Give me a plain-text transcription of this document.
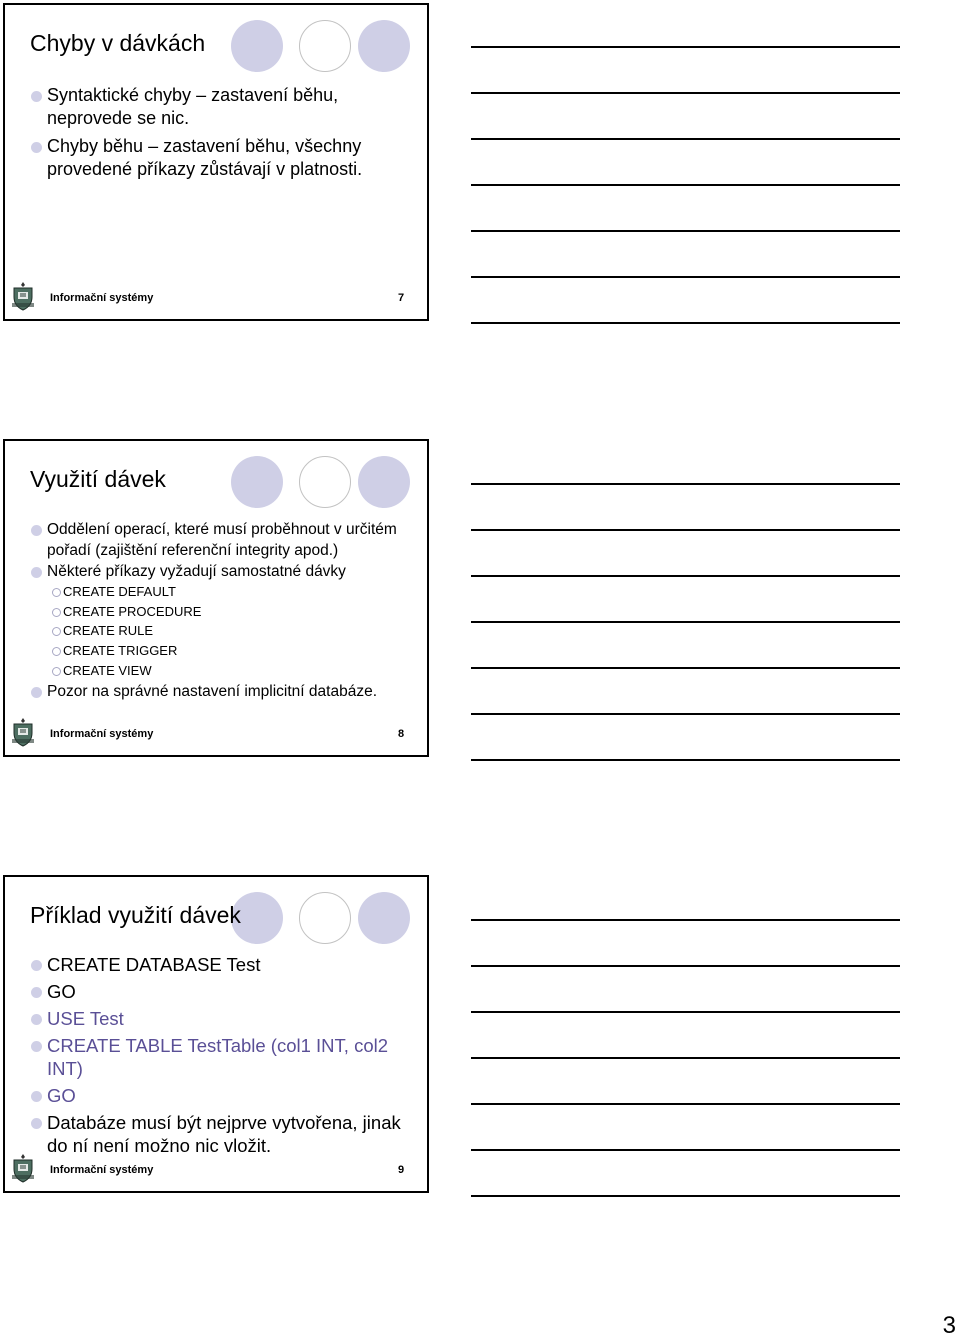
Chyby v dávkách
Syntaktické chyby – zastavení běhu, neprovede se nic.
Chyby běhu – zastavení běhu, všechny provedené příkazy zůstávají v platnosti.
Informační systémy	7
Využití dávek
Oddělení operací, které musí proběhnout v určitém pořadí (zajištění referenční integrity apod.)
Některé příkazy vyžadují samostatné dávky
CREATE DEFAULT
CREATE PROCEDURE
CREATE RULE
CREATE TRIGGER
CREATE VIEW
Pozor na správné nastavení implicitní databáze.
Informační systémy	8
Příklad využití dávek
CREATE DATABASE Test
GO
USE Test
CREATE TABLE TestTable (col1 INT, col2 INT)
GO
Databáze musí být nejprve vytvořena, jinak do ní není možno nic vložit.
Informační systémy	9
3
